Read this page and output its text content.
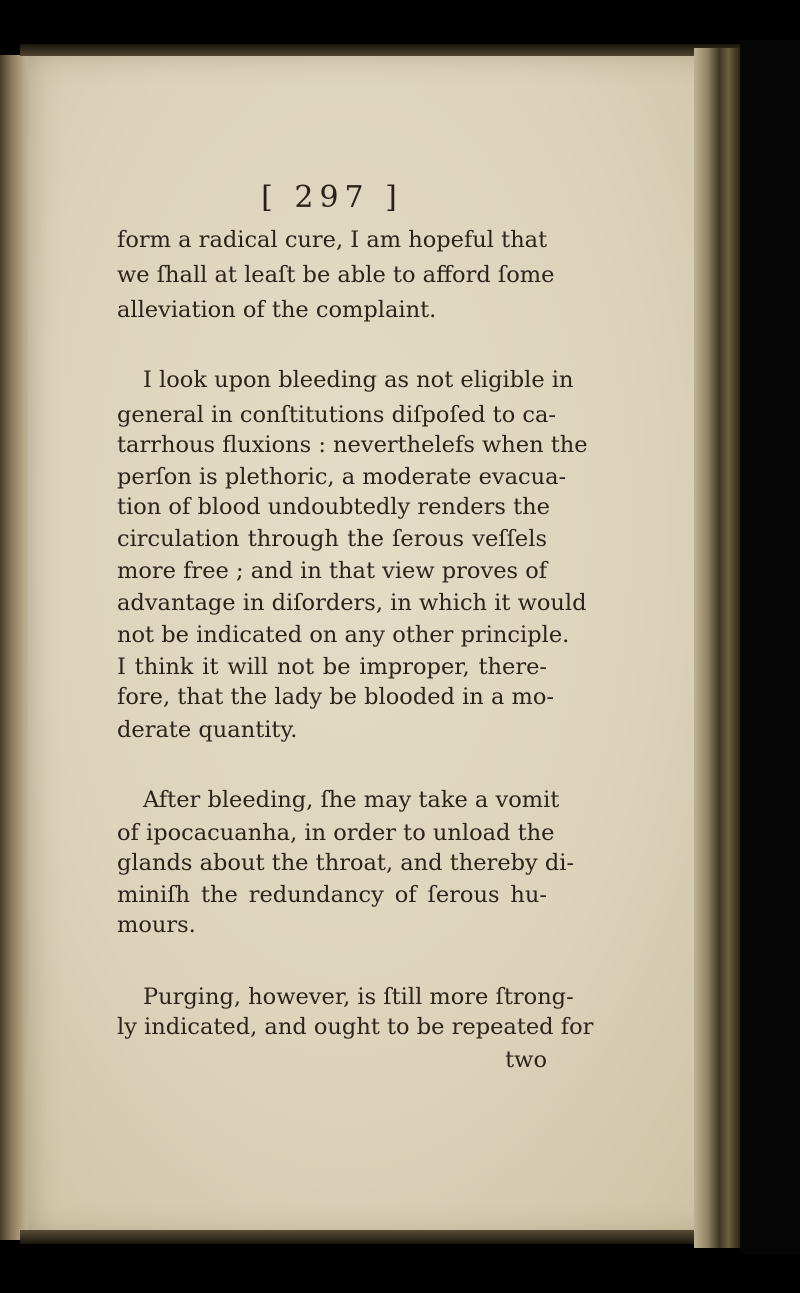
[ 297 ]
form a radical cure, I am hopeful that
we ſhall at leaſt be able to afford ſome
alleviation of the complaint.
I look upon bleeding as not eligible in
general in conſtitutions diſpoſed to ca-
tarrhous fluxions : neverthelefs when the
perſon is plethoric, a moderate evacua-
tion of blood undoubtedly renders the
circulation through the ſerous veſſels
more free ; and in that view proves of
advantage in diſorders, in which it would
not be indicated on any other principle.
I think it will not be improper, there-
fore, that the lady be blooded in a mo-
derate quantity.
After bleeding, ſhe may take a vomit
of ipocacuanha, in order to unload the
glands about the throat, and thereby di-
miniſh the redundancy of ſerous hu-
mours.
Purging, however, is ſtill more ſtrong-
ly indicated, and ought to be repeated for
two
